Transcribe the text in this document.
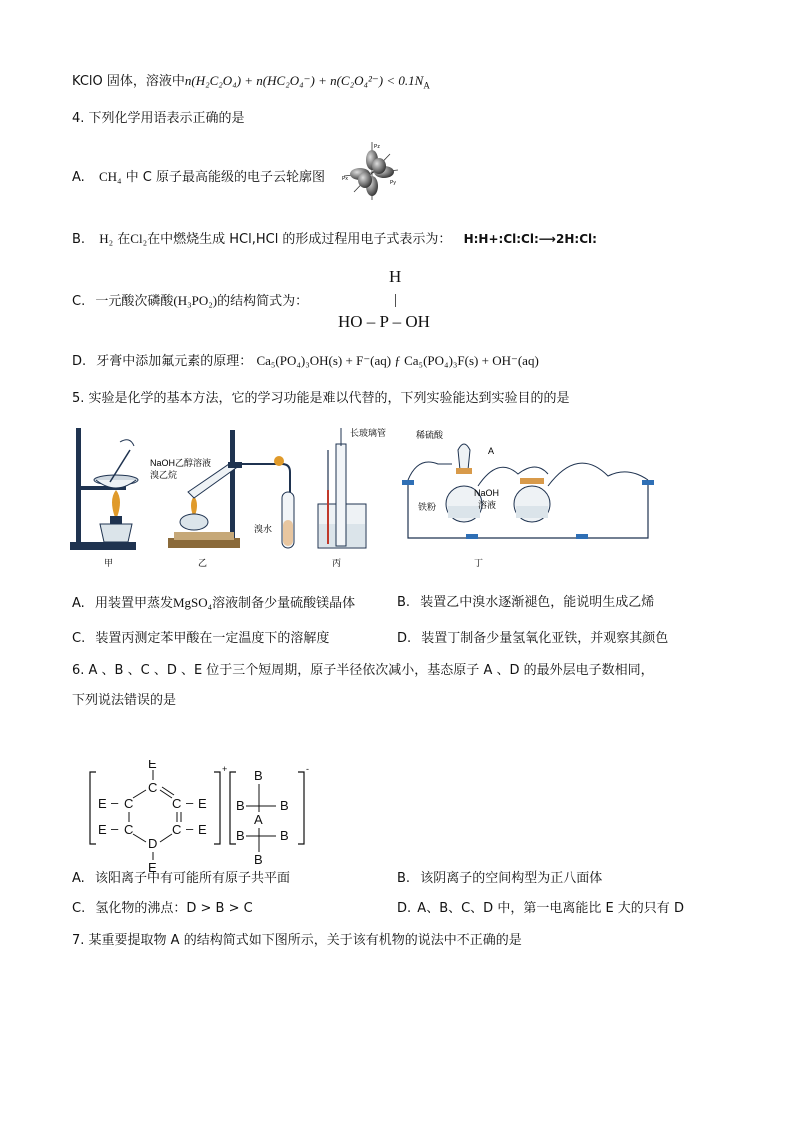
KClO 固体，溶液中$n(H_2C_2O_4) + n(HC_2O_4^-) + n(C_2O_4^{2-}) < 0.1N_A$
4. 下列化学用语表示正确的是
A. CH₄ 中 C 原子最高能级的电子云轮廓图
Pz
Px
Py
B. H₂ 在Cl₂在中燃烧生成 HCl,HCl 的形成过程用电子式表示为： H:H+:Cl:Cl:⟶2H:Cl:
C. 一元酸次磷酸(H₃PO₂)的结构简式为：
H
|
HO – P – OH
D. 牙膏中添加氟元素的原理： Ca₅(PO₄)₃OH(s) + F⁻(aq) ƒ Ca₅(PO₄)₃F(s) + OH⁻(aq)
5. 实验是化学的基本方法，它的学习功能是难以代替的，下列实验能达到实验目的的是
NaOH乙醇溶液
溴乙烷
溴水
长玻璃管	稀硫酸
A
铁粉
NaOH
溶液
甲	乙	丙	丁
A. 用装置甲蒸发MgSO₄溶液制备少量硫酸镁晶体	B. 装置乙中溴水逐渐褪色，能说明生成乙烯
C. 装置丙测定苯甲酸在一定温度下的溶解度	D. 装置丁制备少量氢氧化亚铁，并观察其颜色
6. A 、B 、C 、D 、E 位于三个短周期，原子半径依次减小，基态原子 A 、D 的最外层电子数相同，
下列说法错误的是
+
E
C
C	C
C	C
D
E –
E –
– E
– E
E
-
B
B	B
A
B	B
B
A. 该阳离子中有可能所有原子共平面	B. 该阴离子的空间构型为正八面体
C. 氢化物的沸点：D > B > C	D. A、B、C、D 中，第一电离能比 E 大的只有 D
7. 某重要提取物 A 的结构简式如下图所示，关于该有机物的说法中不正确的是
